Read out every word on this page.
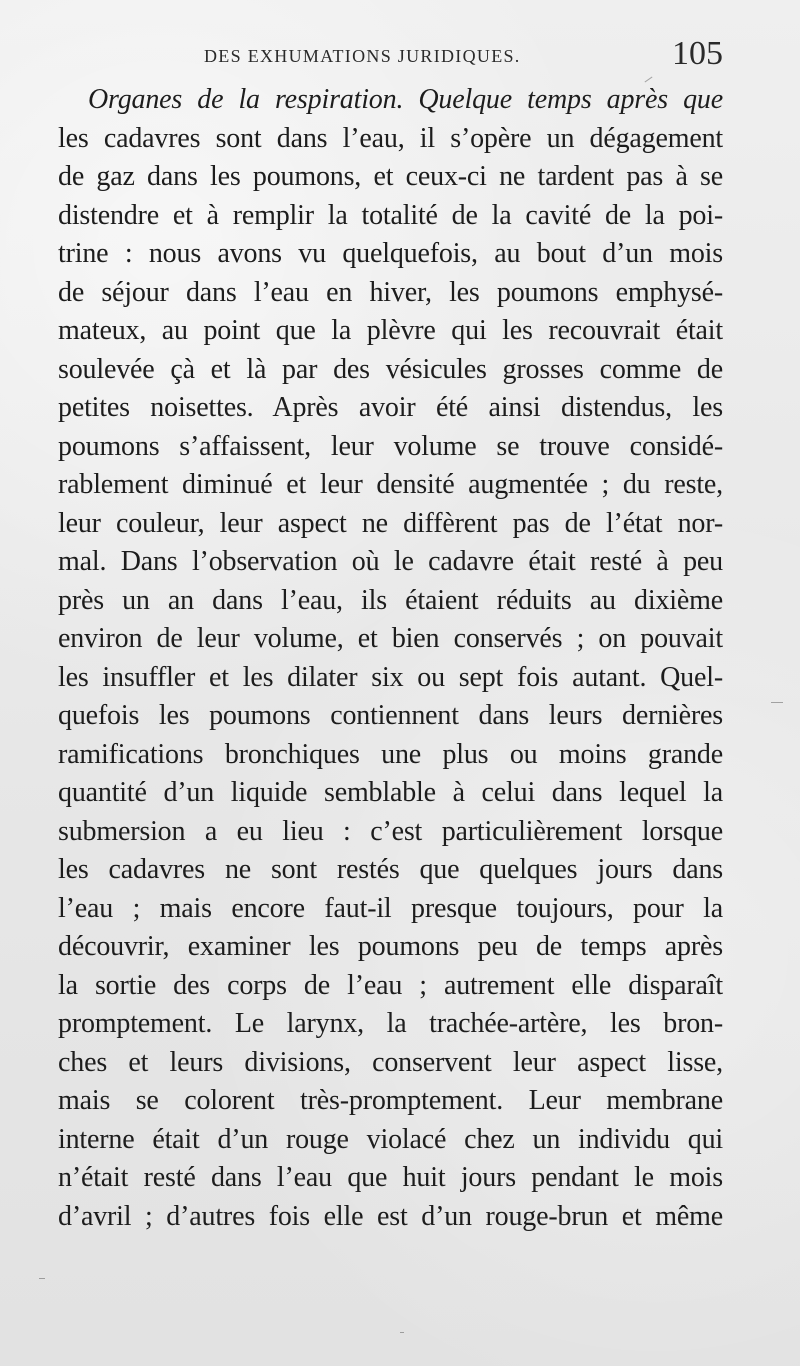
DES EXHUMATIONS JURIDIQUES.	105
Organes de la respiration. Quelque temps après que
les cadavres sont dans l’eau, il s’opère un dégagement
de gaz dans les poumons, et ceux-ci ne tardent pas à se
distendre et à remplir la totalité de la cavité de la poi-
trine : nous avons vu quelquefois, au bout d’un mois
de séjour dans l’eau en hiver, les poumons emphysé-
mateux, au point que la plèvre qui les recouvrait était
soulevée çà et là par des vésicules grosses comme de
petites noisettes. Après avoir été ainsi distendus, les
poumons s’affaissent, leur volume se trouve considé-
rablement diminué et leur densité augmentée ; du reste,
leur couleur, leur aspect ne diffèrent pas de l’état nor-
mal. Dans l’observation où le cadavre était resté à peu
près un an dans l’eau, ils étaient réduits au dixième
environ de leur volume, et bien conservés ; on pouvait
les insuffler et les dilater six ou sept fois autant. Quel-
quefois les poumons contiennent dans leurs dernières
ramifications bronchiques une plus ou moins grande
quantité d’un liquide semblable à celui dans lequel la
submersion a eu lieu : c’est particulièrement lorsque
les cadavres ne sont restés que quelques jours dans
l’eau ; mais encore faut-il presque toujours, pour la
découvrir, examiner les poumons peu de temps après
la sortie des corps de l’eau ; autrement elle disparaît
promptement. Le larynx, la trachée-artère, les bron-
ches et leurs divisions, conservent leur aspect lisse,
mais se colorent très-promptement. Leur membrane
interne était d’un rouge violacé chez un individu qui
n’était resté dans l’eau que huit jours pendant le mois
d’avril ; d’autres fois elle est d’un rouge-brun et même
